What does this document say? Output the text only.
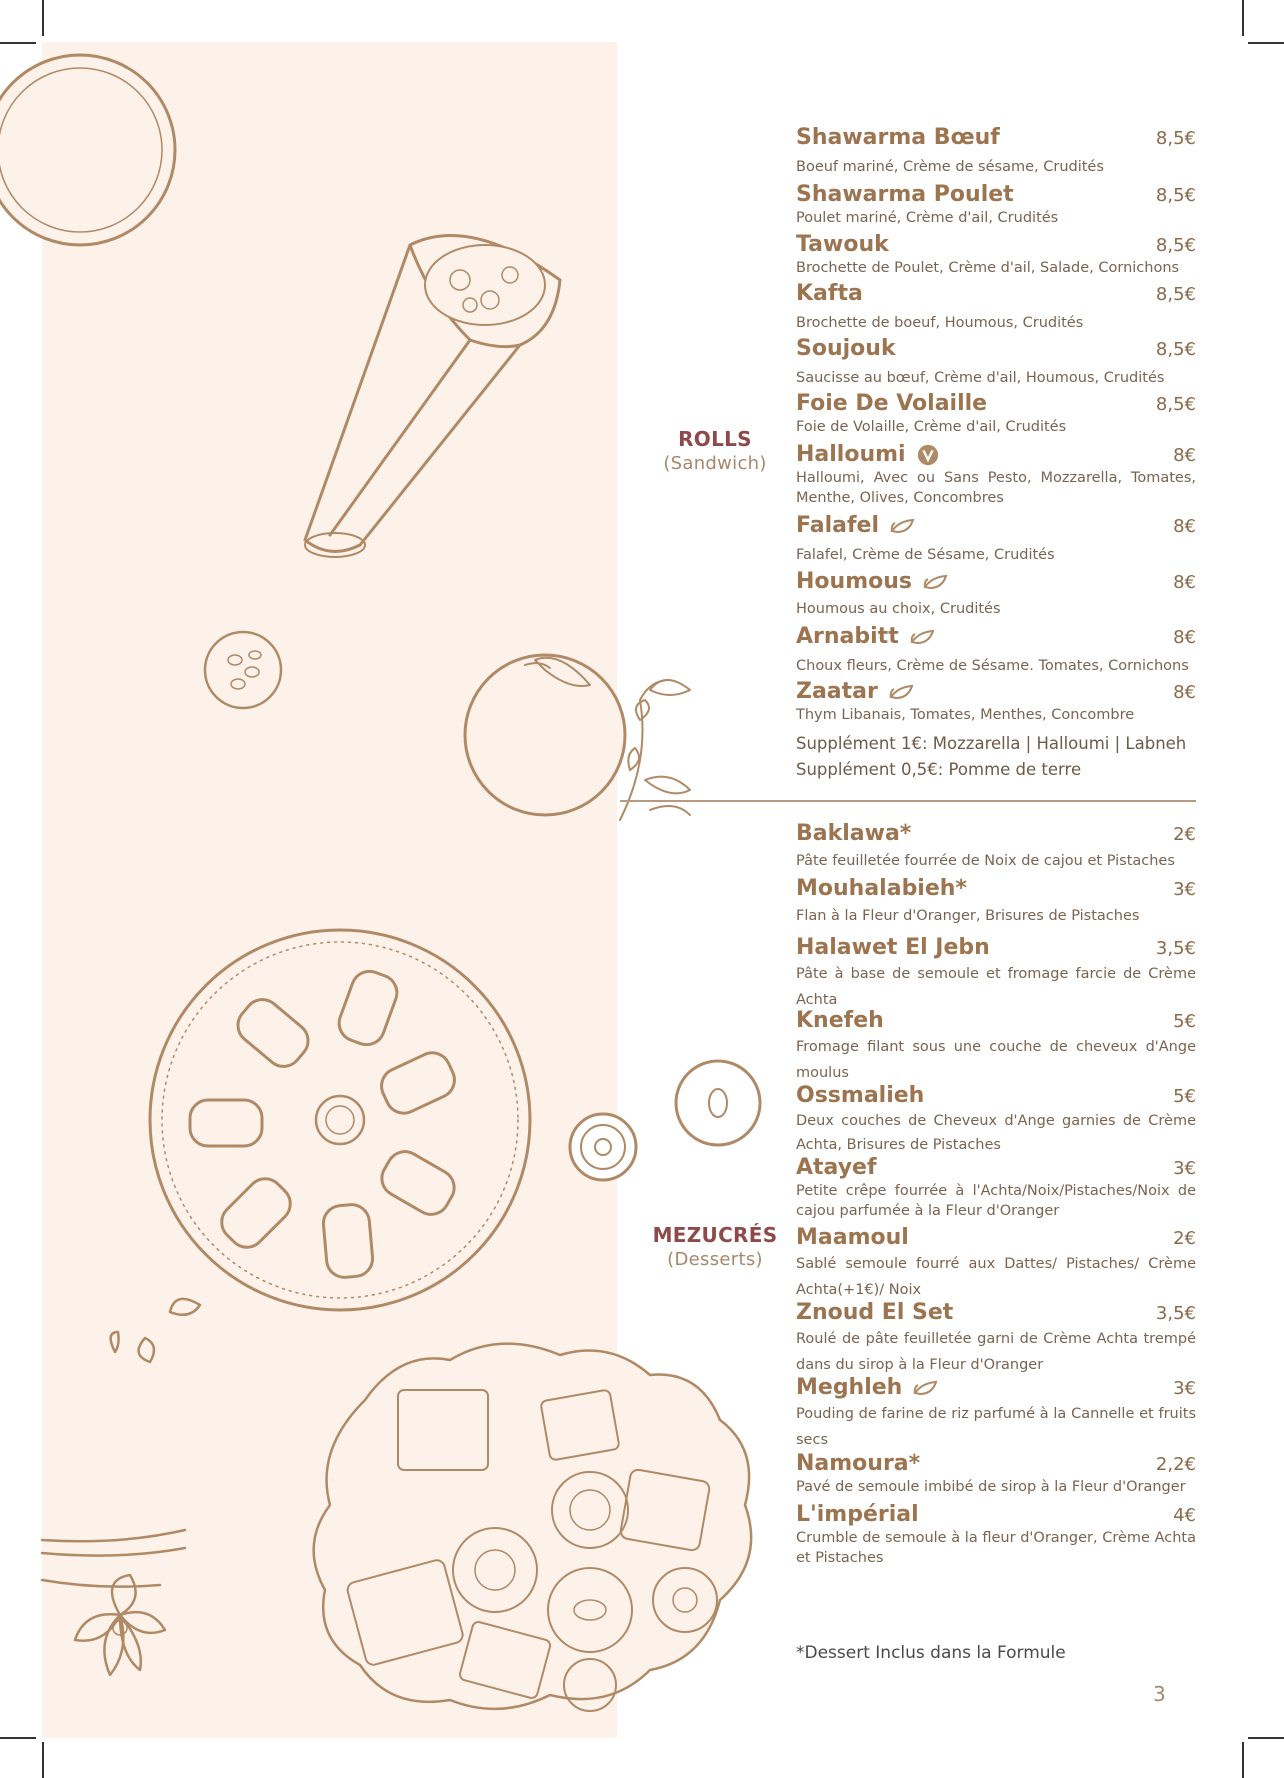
ROLLS
(Sandwich)
MEZUCRÉS
(Desserts)
Shawarma Bœuf	8,5€
Boeuf mariné, Crème de sésame, Crudités
Shawarma Poulet	8,5€
Poulet mariné, Crème d'ail, Crudités
Tawouk	8,5€
Brochette de Poulet, Crème d'ail, Salade, Cornichons
Kafta	8,5€
Brochette de boeuf, Houmous, Crudités
Soujouk	8,5€
Saucisse au bœuf, Crème d'ail, Houmous, Crudités
Foie De Volaille	8,5€
Foie de Volaille, Crème d'ail, Crudités
Halloumi	8€
Halloumi, Avec ou Sans Pesto, Mozzarella, Tomates, Menthe, Olives, Concombres
Falafel	8€
Falafel, Crème de Sésame, Crudités
Houmous	8€
Houmous au choix, Crudités
Arnabitt	8€
Choux fleurs, Crème de Sésame. Tomates, Cornichons
Zaatar	8€
Thym Libanais, Tomates, Menthes, Concombre
Supplément 1€: Mozzarella | Halloumi | Labneh
Supplément 0,5€: Pomme de terre
Baklawa*	2€
Pâte feuilletée fourrée de Noix de cajou et Pistaches
Mouhalabieh*	3€
Flan à la Fleur d'Oranger, Brisures de Pistaches
Halawet El Jebn	3,5€
Pâte à base de semoule et fromage farcie de Crème Achta
Knefeh	5€
Fromage filant sous une couche de cheveux d'Ange moulus
Ossmalieh	5€
Deux couches de Cheveux d'Ange garnies de Crème Achta, Brisures de Pistaches
Atayef	3€
Petite crêpe fourrée à l'Achta/Noix/Pistaches/Noix de cajou parfumée à la Fleur d'Oranger
Maamoul	2€
Sablé semoule fourré aux Dattes/ Pistaches/ Crème Achta(+1€)/ Noix
Znoud El Set	3,5€
Roulé de pâte feuilletée garni de Crème Achta trempé dans du sirop à la Fleur d'Oranger
Meghleh	3€
Pouding de farine de riz parfumé à la Cannelle et fruits secs
Namoura*	2,2€
Pavé de semoule imbibé de sirop à la Fleur d'Oranger
L'impérial	4€
Crumble de semoule à la fleur d'Oranger, Crème Achta et Pistaches
*Dessert Inclus dans la Formule
3
